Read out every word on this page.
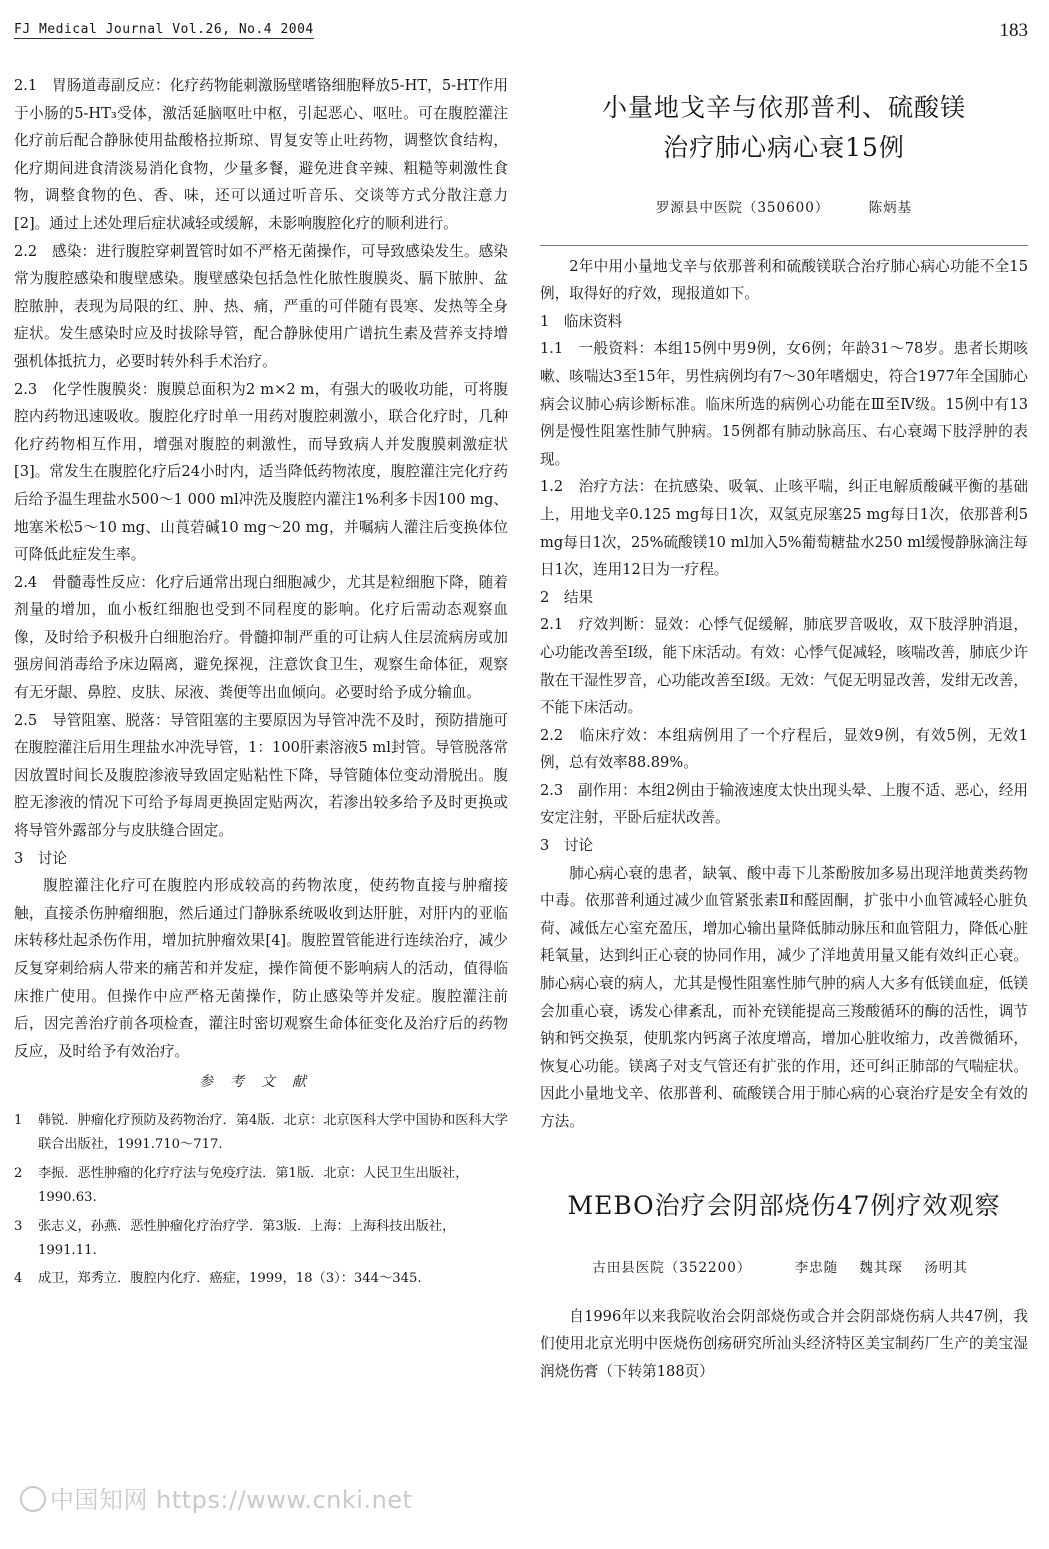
FJ Medical Journal Vol.26, No.4 2004	183

2.1　胃肠道毒副反应：化疗药物能刺激肠壁嗜铬细胞释放5-HT，5-HT作用于小肠的5-HT₃受体，激活延脑呕吐中枢，引起恶心、呕吐。可在腹腔灌注化疗前后配合静脉使用盐酸格拉斯琼、胃复安等止吐药物，调整饮食结构，化疗期间进食清淡易消化食物，少量多餐，避免进食辛辣、粗糙等刺激性食物，调整食物的色、香、味，还可以通过听音乐、交谈等方式分散注意力[2]。通过上述处理后症状减轻或缓解，未影响腹腔化疗的顺利进行。

2.2　感染：进行腹腔穿刺置管时如不严格无菌操作，可导致感染发生。感染常为腹腔感染和腹壁感染。腹壁感染包括急性化脓性腹膜炎、膈下脓肿、盆腔脓肿，表现为局限的红、肿、热、痛，严重的可伴随有畏寒、发热等全身症状。发生感染时应及时拔除导管，配合静脉使用广谱抗生素及营养支持增强机体抵抗力，必要时转外科手术治疗。

2.3　化学性腹膜炎：腹膜总面积为2 m×2 m，有强大的吸收功能，可将腹腔内药物迅速吸收。腹腔化疗时单一用药对腹腔刺激小，联合化疗时，几种化疗药物相互作用，增强对腹腔的刺激性，而导致病人并发腹膜刺激症状[3]。常发生在腹腔化疗后24小时内，适当降低药物浓度，腹腔灌注完化疗药后给予温生理盐水500～1 000 ml冲洗及腹腔内灌注1%利多卡因100 mg、地塞米松5～10 mg、山莨菪碱10 mg～20 mg，并嘱病人灌注后变换体位可降低此症发生率。

2.4　骨髓毒性反应：化疗后通常出现白细胞减少，尤其是粒细胞下降，随着剂量的增加，血小板红细胞也受到不同程度的影响。化疗后需动态观察血像，及时给予积极升白细胞治疗。骨髓抑制严重的可让病人住层流病房或加强房间消毒给予床边隔离，避免探视，注意饮食卫生，观察生命体征，观察有无牙龈、鼻腔、皮肤、尿液、粪便等出血倾向。必要时给予成分输血。

2.5　导管阻塞、脱落：导管阻塞的主要原因为导管冲洗不及时，预防措施可在腹腔灌注后用生理盐水冲洗导管，1：100肝素溶液5 ml封管。导管脱落常因放置时间长及腹腔渗液导致固定贴粘性下降，导管随体位变动滑脱出。腹腔无渗液的情况下可给予每周更换固定贴两次，若渗出较多给予及时更换或将导管外露部分与皮肤缝合固定。

3　讨论

腹腔灌注化疗可在腹腔内形成较高的药物浓度，使药物直接与肿瘤接触，直接杀伤肿瘤细胞，然后通过门静脉系统吸收到达肝脏，对肝内的亚临床转移灶起杀伤作用，增加抗肿瘤效果[4]。腹腔置管能进行连续治疗，减少反复穿刺给病人带来的痛苦和并发症，操作简便不影响病人的活动，值得临床推广使用。但操作中应严格无菌操作，防止感染等并发症。腹腔灌注前后，因完善治疗前各项检查，灌注时密切观察生命体征变化及治疗后的药物反应，及时给予有效治疗。

参考文献
1 韩锐．肿瘤化疗预防及药物治疗．第4版．北京：北京医科大学中国协和医科大学联合出版社，1991.710～717.
2 李振．恶性肿瘤的化疗疗法与免疫疗法．第1版．北京：人民卫生出版社，1990.63.
3 张志义，孙燕．恶性肿瘤化疗治疗学．第3版．上海：上海科技出版社，1991.11.
4 成卫，郑秀立．腹腔内化疗．癌症，1999，18（3）：344～345.
小量地戈辛与依那普利、硫酸镁
治疗肺心病心衰15例
罗源县中医院（350600）	陈炳基

2年中用小量地戈辛与依那普利和硫酸镁联合治疗肺心病心功能不全15例，取得好的疗效，现报道如下。

1　临床资料

1.1　一般资料：本组15例中男9例，女6例；年龄31～78岁。患者长期咳嗽、咳喘达3至15年，男性病例均有7～30年嗜烟史，符合1977年全国肺心病会议肺心病诊断标准。临床所选的病例心功能在Ⅲ至Ⅳ级。15例中有13例是慢性阻塞性肺气肿病。15例都有肺动脉高压、右心衰竭下肢浮肿的表现。

1.2　治疗方法：在抗感染、吸氧、止咳平喘，纠正电解质酸碱平衡的基础上，用地戈辛0.125 mg每日1次，双氢克尿塞25 mg每日1次，依那普利5 mg每日1次，25%硫酸镁10 ml加入5%葡萄糖盐水250 ml缓慢静脉滴注每日1次，连用12日为一疗程。

2　结果

2.1　疗效判断：显效：心悸气促缓解，肺底罗音吸收，双下肢浮肿消退，心功能改善至Ⅰ级，能下床活动。有效：心悸气促减轻，咳喘改善，肺底少许散在干湿性罗音，心功能改善至Ⅰ级。无效：气促无明显改善，发绀无改善，不能下床活动。

2.2　临床疗效：本组病例用了一个疗程后，显效9例，有效5例，无效1例，总有效率88.89%。

2.3　副作用：本组2例由于输液速度太快出现头晕、上腹不适、恶心，经用安定注射，平卧后症状改善。

3　讨论

肺心病心衰的患者，缺氧、酸中毒下儿茶酚胺加多易出现洋地黄类药物中毒。依那普利通过减少血管紧张素Ⅱ和醛固酮，扩张中小血管减轻心脏负荷、减低左心室充盈压，增加心输出量降低肺动脉压和血管阻力，降低心脏耗氧量，达到纠正心衰的协同作用，减少了洋地黄用量又能有效纠正心衰。肺心病心衰的病人，尤其是慢性阻塞性肺气肿的病人大多有低镁血症，低镁会加重心衰，诱发心律紊乱，而补充镁能提高三羧酸循环的酶的活性，调节钠和钙交换泵，使肌浆内钙离子浓度增高，增加心脏收缩力，改善微循环，恢复心功能。镁离子对支气管还有扩张的作用，还可纠正肺部的气喘症状。因此小量地戈辛、依那普利、硫酸镁合用于肺心病的心衰治疗是安全有效的方法。

MEBO治疗会阴部烧伤47例疗效观察
古田县医院（352200）	李忠随 魏其琛 汤明其

自1996年以来我院收治会阴部烧伤或合并会阴部烧伤病人共47例，我们使用北京光明中医烧伤创疡研究所汕头经济特区美宝制药厂生产的美宝湿润烧伤膏（下转第188页）

中国知网 https://www.cnki.net
